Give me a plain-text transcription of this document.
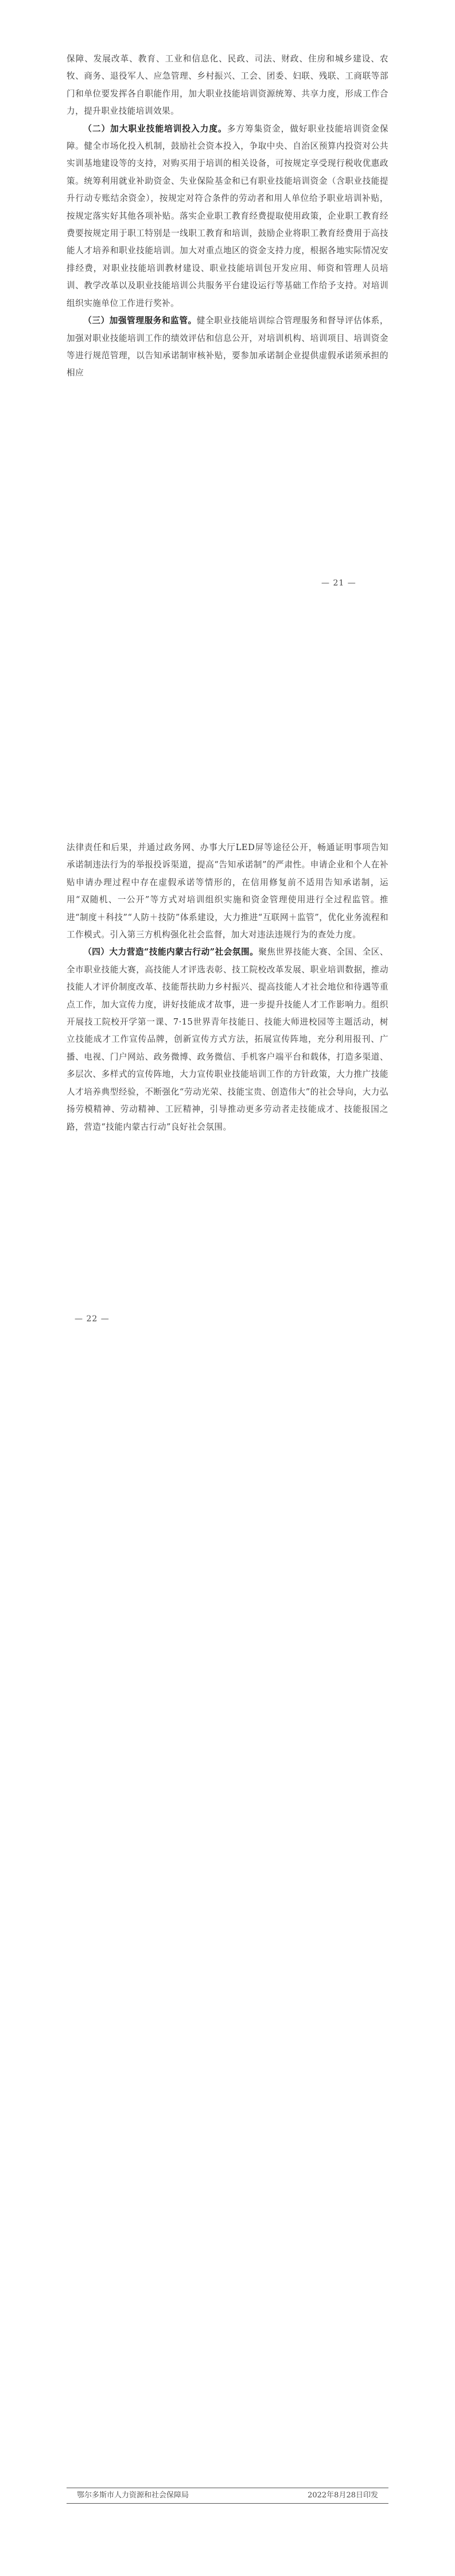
保障、发展改革、教育、工业和信息化、民政、司法、财政、住房和城乡建设、农牧、商务、退役军人、应急管理、乡村振兴、工会、团委、妇联、残联、工商联等部门和单位要发挥各自职能作用，加大职业技能培训资源统筹、共享力度，形成工作合力，提升职业技能培训效果。

（二）加大职业技能培训投入力度。多方筹集资金，做好职业技能培训资金保障。健全市场化投入机制，鼓励社会资本投入，争取中央、自治区预算内投资对公共实训基地建设等的支持，对购买用于培训的相关设备，可按规定享受现行税收优惠政策。统筹利用就业补助资金、失业保险基金和已有职业技能培训资金（含职业技能提升行动专账结余资金），按规定对符合条件的劳动者和用人单位给予职业培训补贴，按规定落实好其他各项补贴。落实企业职工教育经费提取使用政策，企业职工教育经费要按规定用于职工特别是一线职工教育和培训，鼓励企业将职工教育经费用于高技能人才培养和职业技能培训。加大对重点地区的资金支持力度，根据各地实际情况安排经费，对职业技能培训教材建设、职业技能培训包开发应用、师资和管理人员培训、教学改革以及职业技能培训公共服务平台建设运行等基础工作给予支持。对培训组织实施单位工作进行奖补。

（三）加强管理服务和监管。健全职业技能培训综合管理服务和督导评估体系，加强对职业技能培训工作的绩效评估和信息公开，对培训机构、培训项目、培训资金等进行规范管理，以告知承诺制审核补贴，要参加承诺制企业提供虚假承诺须承担的相应

— 21 —

法律责任和后果，并通过政务网、办事大厅LED屏等途径公开，畅通证明事项告知承诺制违法行为的举报投诉渠道，提高“告知承诺制”的严肃性。申请企业和个人在补贴申请办理过程中存在虚假承诺等情形的，在信用修复前不适用告知承诺制，运用“双随机、一公开”等方式对培训组织实施和资金管理使用进行全过程监管。推进“制度＋科技”“人防＋技防”体系建设，大力推进“互联网＋监管”，优化业务流程和工作模式。引入第三方机构强化社会监督，加大对违法违规行为的查处力度。

（四）大力营造“技能内蒙古行动”社会氛围。聚焦世界技能大赛、全国、全区、全市职业技能大赛，高技能人才评选表彰、技工院校改革发展、职业培训数据，推动技能人才评价制度改革、技能帮扶助力乡村振兴、提高技能人才社会地位和待遇等重点工作，加大宣传力度，讲好技能成才故事，进一步提升技能人才工作影响力。组织开展技工院校开学第一课、7·15世界青年技能日、技能大师进校园等主题活动，树立技能成才工作宣传品牌，创新宣传方式方法，拓展宣传阵地，充分利用报刊、广播、电视、门户网站、政务微博、政务微信、手机客户端平台和载体，打造多渠道、多层次、多样式的宣传阵地，大力宣传职业技能培训工作的方针政策，大力推广技能人才培养典型经验，不断强化“劳动光荣、技能宝贵、创造伟大”的社会导向，大力弘扬劳模精神、劳动精神、工匠精神，引导推动更多劳动者走技能成才、技能报国之路，营造“技能内蒙古行动”良好社会氛围。

— 22 —
鄂尔多斯市人力资源和社会保障局	2022年8月28日印发
